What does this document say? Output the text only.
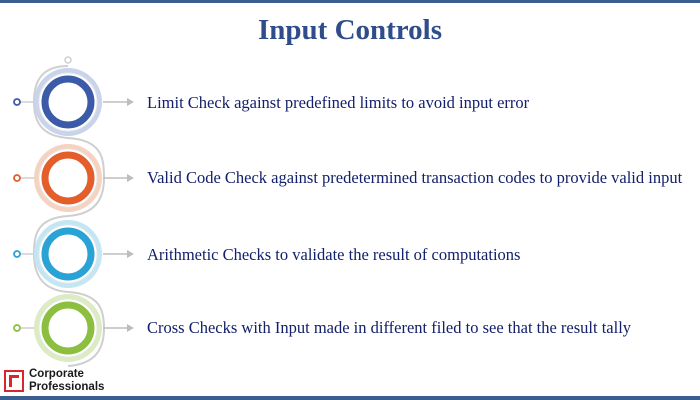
Input Controls
Limit Check against predefined limits to avoid input error
Valid Code Check against predetermined transaction codes to provide valid input
Arithmetic Checks to validate the result of computations
Cross Checks with Input made in different filed to see that the result tally
Corporate
Professionals
